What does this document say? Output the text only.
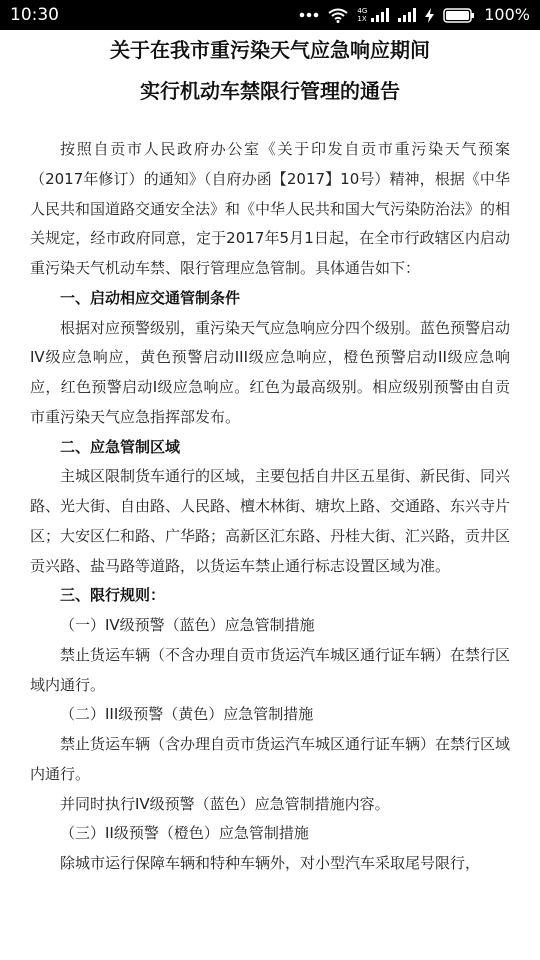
10:30	4G
1X	100%
关于在我市重污染天气应急响应期间
实行机动车禁限行管理的通告

按照自贡市人民政府办公室《关于印发自贡市重污染天气预案（2017年修订）的通知》（自府办函【2017】10号）精神，根据《中华人民共和国道路交通安全法》和《中华人民共和国大气污染防治法》的相关规定，经市政府同意，定于2017年5月1日起，在全市行政辖区内启动重污染天气机动车禁、限行管理应急管制。具体通告如下：

一、启动相应交通管制条件

根据对应预警级别，重污染天气应急响应分四个级别。蓝色预警启动IV级应急响应，黄色预警启动III级应急响应，橙色预警启动II级应急响应，红色预警启动I级应急响应。红色为最高级别。相应级别预警由自贡市重污染天气应急指挥部发布。

二、应急管制区域

主城区限制货车通行的区域，主要包括自井区五星街、新民街、同兴路、光大街、自由路、人民路、檀木林街、塘坎上路、交通路、东兴寺片区；大安区仁和路、广华路；高新区汇东路、丹桂大街、汇兴路，贡井区贡兴路、盐马路等道路，以货运车禁止通行标志设置区域为准。

三、限行规则：

（一）IV级预警（蓝色）应急管制措施

禁止货运车辆（不含办理自贡市货运汽车城区通行证车辆）在禁行区域内通行。

（二）III级预警（黄色）应急管制措施

禁止货运车辆（含办理自贡市货运汽车城区通行证车辆）在禁行区域内通行。

并同时执行IV级预警（蓝色）应急管制措施内容。

（三）II级预警（橙色）应急管制措施

除城市运行保障车辆和特种车辆外，对小型汽车采取尾号限行，
